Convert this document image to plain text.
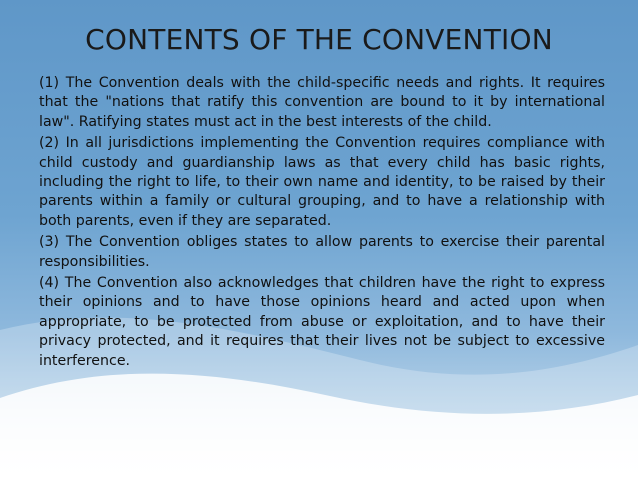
CONTENTS OF THE CONVENTION

(1) The Convention deals with the child-specific needs and rights. It requires that the "nations that ratify this convention are bound to it by international law". Ratifying states must act in the best interests of the child.

(2) In all jurisdictions implementing the Convention requires compliance with child custody and guardianship laws as that every child has basic rights, including the right to life, to their own name and identity, to be raised by their parents within a family or cultural grouping, and to have a relationship with both parents, even if they are separated.

(3) The Convention obliges states to allow parents to exercise their parental responsibilities.

(4) The Convention also acknowledges that children have the right to express their opinions and to have those opinions heard and acted upon when appropriate, to be protected from abuse or exploitation, and to have their privacy protected, and it requires that their lives not be subject to excessive interference.
